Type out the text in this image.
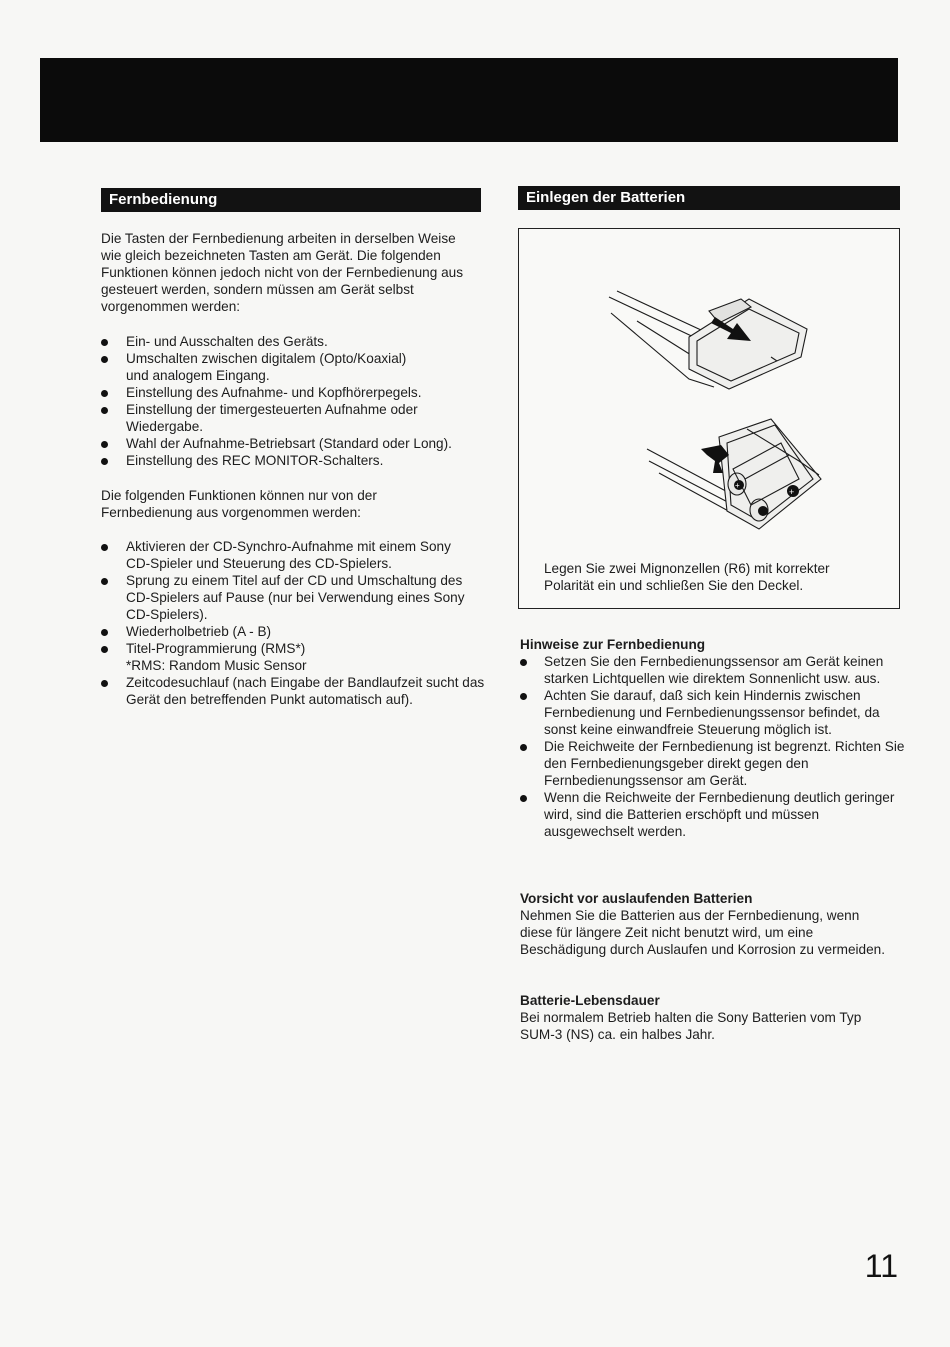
Fernbedienung

Die Tasten der Fernbedienung arbeiten in derselben Weise wie gleich bezeichneten Tasten am Gerät. Die folgenden Funktionen können jedoch nicht von der Fernbedienung aus gesteuert werden, sondern müssen am Gerät selbst vorgenommen werden:

Ein- und Ausschalten des Geräts.
Umschalten zwischen digitalem (Opto/Koaxial) und analogem Eingang.
Einstellung des Aufnahme- und Kopfhörerpegels.
Einstellung der timergesteuerten Aufnahme oder Wiedergabe.
Wahl der Aufnahme-Betriebsart (Standard oder Long).
Einstellung des REC MONITOR-Schalters.

Die folgenden Funktionen können nur von der Fernbedienung aus vorgenommen werden:

Aktivieren der CD-Synchro-Aufnahme mit einem Sony CD-Spieler und Steuerung des CD-Spielers.
Sprung zu einem Titel auf der CD und Umschaltung des CD-Spielers auf Pause (nur bei Verwendung eines Sony CD-Spielers).
Wiederholbetrieb (A - B)
Titel-Programmierung (RMS*)
*RMS: Random Music Sensor
Zeitcodesuchlauf (nach Eingabe der Bandlaufzeit sucht das Gerät den betreffenden Punkt automatisch auf).
Einlegen der Batterien
+
+

Legen Sie zwei Mignonzellen (R6) mit korrekter Polarität ein und schließen Sie den Deckel.

Hinweise zur Fernbedienung
Setzen Sie den Fernbedienungssensor am Gerät keinen starken Lichtquellen wie direktem Sonnenlicht usw. aus.
Achten Sie darauf, daß sich kein Hindernis zwischen Fernbedienung und Fernbedienungssensor befindet, da sonst keine einwandfreie Steuerung möglich ist.
Die Reichweite der Fernbedienung ist begrenzt. Richten Sie den Fernbedienungsgeber direkt gegen den Fernbedienungssensor am Gerät.
Wenn die Reichweite der Fernbedienung deutlich geringer wird, sind die Batterien erschöpft und müssen ausgewechselt werden.
Vorsicht vor auslaufenden Batterien

Nehmen Sie die Batterien aus der Fernbedienung, wenn diese für längere Zeit nicht benutzt wird, um eine Beschädigung durch Auslaufen und Korrosion zu vermeiden.

Batterie-Lebensdauer

Bei normalem Betrieb halten die Sony Batterien vom Typ SUM-3 (NS) ca. ein halbes Jahr.

11
